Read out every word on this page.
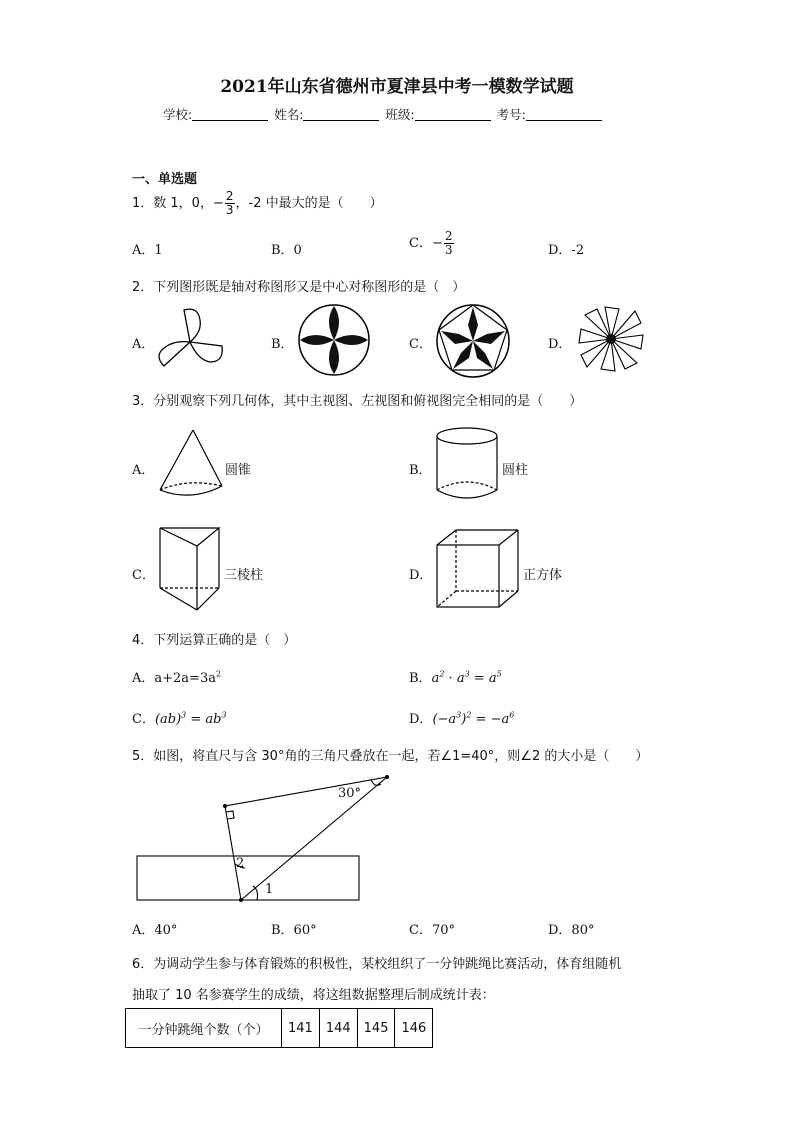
2021年山东省德州市夏津县中考一模数学试题
学校:	姓名:	班级:	考号:
一、单选题
1．数 1，0，− $\frac{2}{3}$ ，-2 中最大的是（　　）
A．1	B．0	C．− $\frac{2}{3}$	D．-2
2．下列图形既是轴对称图形又是中心对称图形的是（　）
A．	B．	C．	D．
3．分别观察下列几何体，其中主视图、左视图和俯视图完全相同的是（　　）
A．	圆锥	B．	圆柱
C．	三棱柱	D．	正方体
4．下列运算正确的是（　）
A．$a+2a=3a^2$	B．$a^2 \cdot a^3 = a^5$
C．$(ab)^3 = ab^3$	D．$(-a^3)^2 = -a^6$
5．如图，将直尺与含 30°角的三角尺叠放在一起，若∠1=40°，则∠2 的大小是（　　）
30°
2
1
A．40°	B．60°	C．70°	D．80°
6．为调动学生参与体育锻炼的积极性，某校组织了一分钟跳绳比赛活动，体育组随机
抽取了 10 名参赛学生的成绩，将这组数据整理后制成统计表：
一分钟跳绳个数（个）	141	144	145	146
